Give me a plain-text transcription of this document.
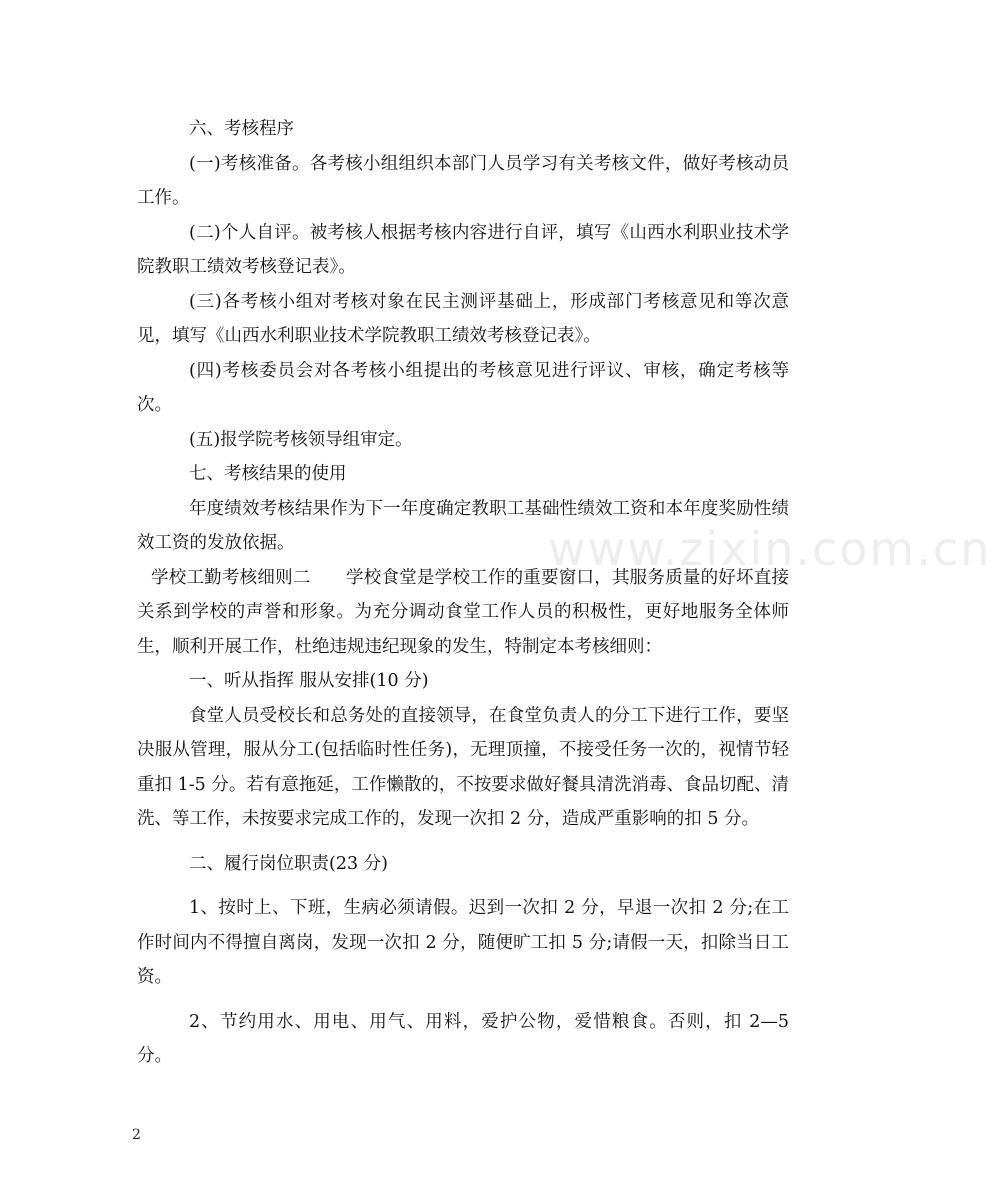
六、考核程序

(一)考核准备。各考核小组组织本部门人员学习有关考核文件，做好考核动员工作。

(二)个人自评。被考核人根据考核内容进行自评，填写《山西水利职业技术学院教职工绩效考核登记表》。

(三)各考核小组对考核对象在民主测评基础上，形成部门考核意见和等次意见，填写《山西水利职业技术学院教职工绩效考核登记表》。

(四)考核委员会对各考核小组提出的考核意见进行评议、审核，确定考核等次。

(五)报学院考核领导组审定。

七、考核结果的使用

年度绩效考核结果作为下一年度确定教职工基础性绩效工资和本年度奖励性绩效工资的发放依据。

学校工勤考核细则二　　学校食堂是学校工作的重要窗口，其服务质量的好坏直接关系到学校的声誉和形象。为充分调动食堂工作人员的积极性，更好地服务全体师生，顺利开展工作，杜绝违规违纪现象的发生，特制定本考核细则：

一、听从指挥 服从安排(10 分)

食堂人员受校长和总务处的直接领导，在食堂负责人的分工下进行工作，要坚决服从管理，服从分工(包括临时性任务)，无理顶撞，不接受任务一次的，视情节轻重扣 1-5 分。若有意拖延，工作懒散的，不按要求做好餐具清洗消毒、食品切配、清洗、等工作，未按要求完成工作的，发现一次扣 2 分，造成严重影响的扣 5 分。

二、履行岗位职责(23 分)

1、按时上、下班，生病必须请假。迟到一次扣 2 分，早退一次扣 2 分;在工作时间内不得擅自离岗，发现一次扣 2 分，随便旷工扣 5 分;请假一天，扣除当日工资。

2、节约用水、用电、用气、用料，爱护公物，爱惜粮食。否则，扣 2—5 分。

www.zixin.com.cn
2
